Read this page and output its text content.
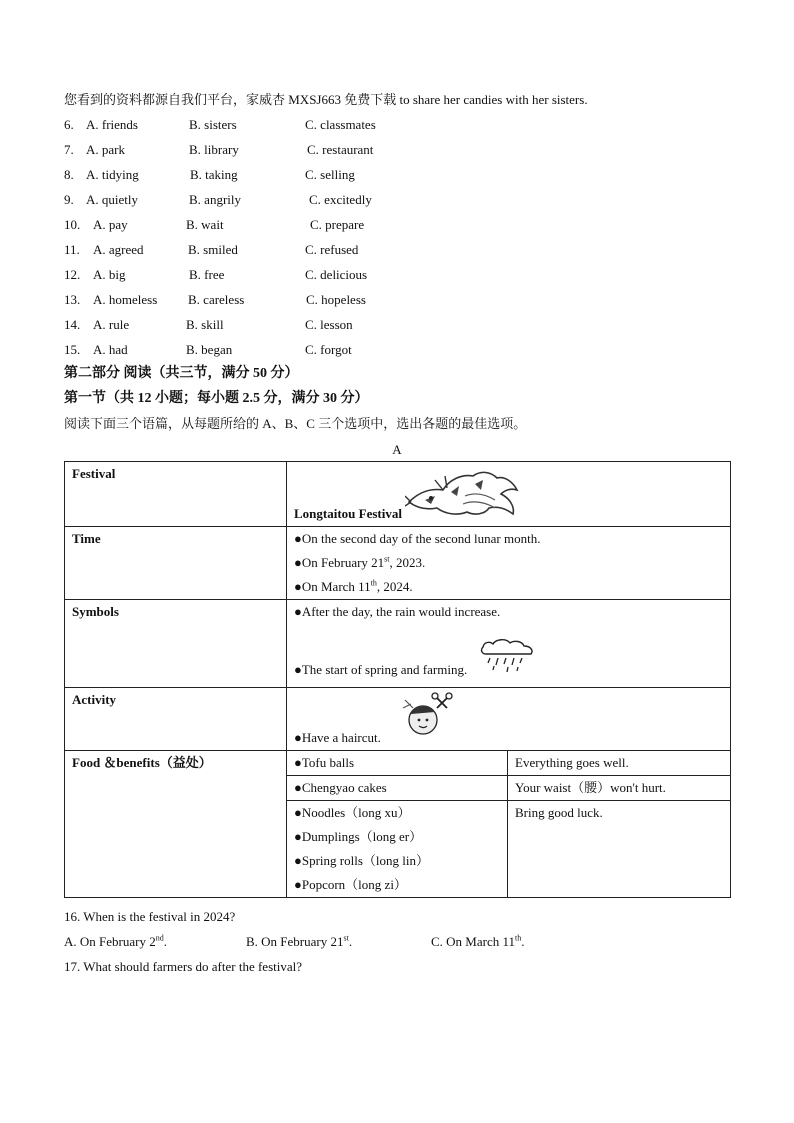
您看到的资料都源自我们平台，家威杏 MXSJ663 免费下载 to share her candies with her sisters.
6. A. friends	B. sisters	C. classmates
7. A. park	B. library	C. restaurant
8. A. tidying	B. taking	C. selling
9. A. quietly	B. angrily	C. excitedly
10. A. pay	B. wait	C. prepare
11. A. agreed	B. smiled	C. refused
12. A. big	B. free	C. delicious
13. A. homeless B. careless	C. hopeless
14. A. rule	B. skill	C. lesson
15. A. had	B. began	C. forgot
第二部分 阅读（共三节，满分 50 分）
第一节（共 12 小题；每小题 2.5 分，满分 30 分）
阅读下面三个语篇，从每题所给的 A、B、C 三个选项中，选出各题的最佳选项。
A
Festival	Longtaitou Festival	
Time	●On the second day of the second lunar month.
●On February 21st, 2023.
●On March 11th, 2024.	

Symbols	●After the day, the rain would increase.
●The start of spring and farming.	
Activity	●Have a haircut.	
Food ＆benefits（益处）	●Tofu balls	Everything goes well.
	●Chengyao cakes	Your waist（腰）won't hurt.

	●Noodles（long xu）
●Dumplings（long er）
●Spring rolls（long lin）
●Popcorn（long zi）	Bring good luck.
16. When is the festival in 2024?
A. On February 2nd.	B. On February 21st.	C. On March 11th.
17. What should farmers do after the festival?
